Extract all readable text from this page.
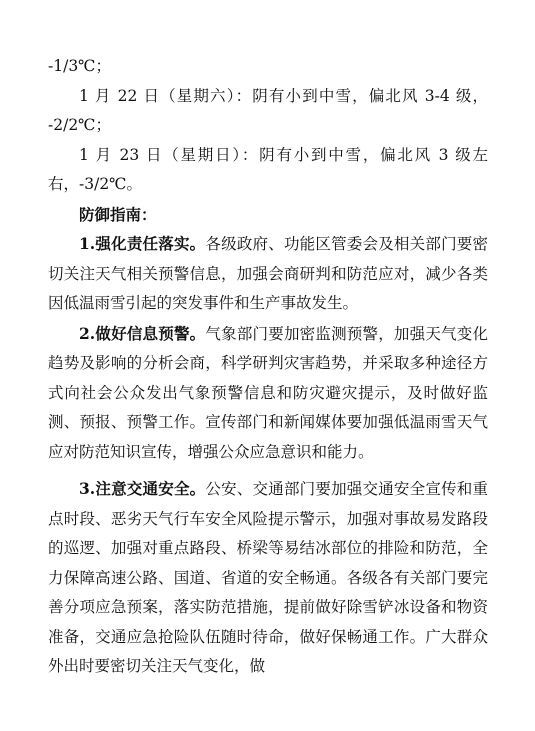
-1/3℃；

1 月 22 日（星期六）：阴有小到中雪，偏北风 3-4 级，

-2/2℃；

1 月 23 日（星期日）：阴有小到中雪，偏北风 3 级左

右，-3/2℃。

防御指南：

1.强化责任落实。各级政府、功能区管委会及相关部门要密切关注天气相关预警信息，加强会商研判和防范应对，减少各类因低温雨雪引起的突发事件和生产事故发生。

2.做好信息预警。气象部门要加密监测预警，加强天气变化趋势及影响的分析会商，科学研判灾害趋势，并采取多种途径方式向社会公众发出气象预警信息和防灾避灾提示，及时做好监测、预报、预警工作。宣传部门和新闻媒体要加强低温雨雪天气应对防范知识宣传，增强公众应急意识和能力。

3.注意交通安全。公安、交通部门要加强交通安全宣传和重点时段、恶劣天气行车安全风险提示警示，加强对事故易发路段的巡逻、加强对重点路段、桥梁等易结冰部位的排险和防范，全力保障高速公路、国道、省道的安全畅通。各级各有关部门要完善分项应急预案，落实防范措施，提前做好除雪铲冰设备和物资准备，交通应急抢险队伍随时待命，做好保畅通工作。广大群众外出时要密切关注天气变化，做
